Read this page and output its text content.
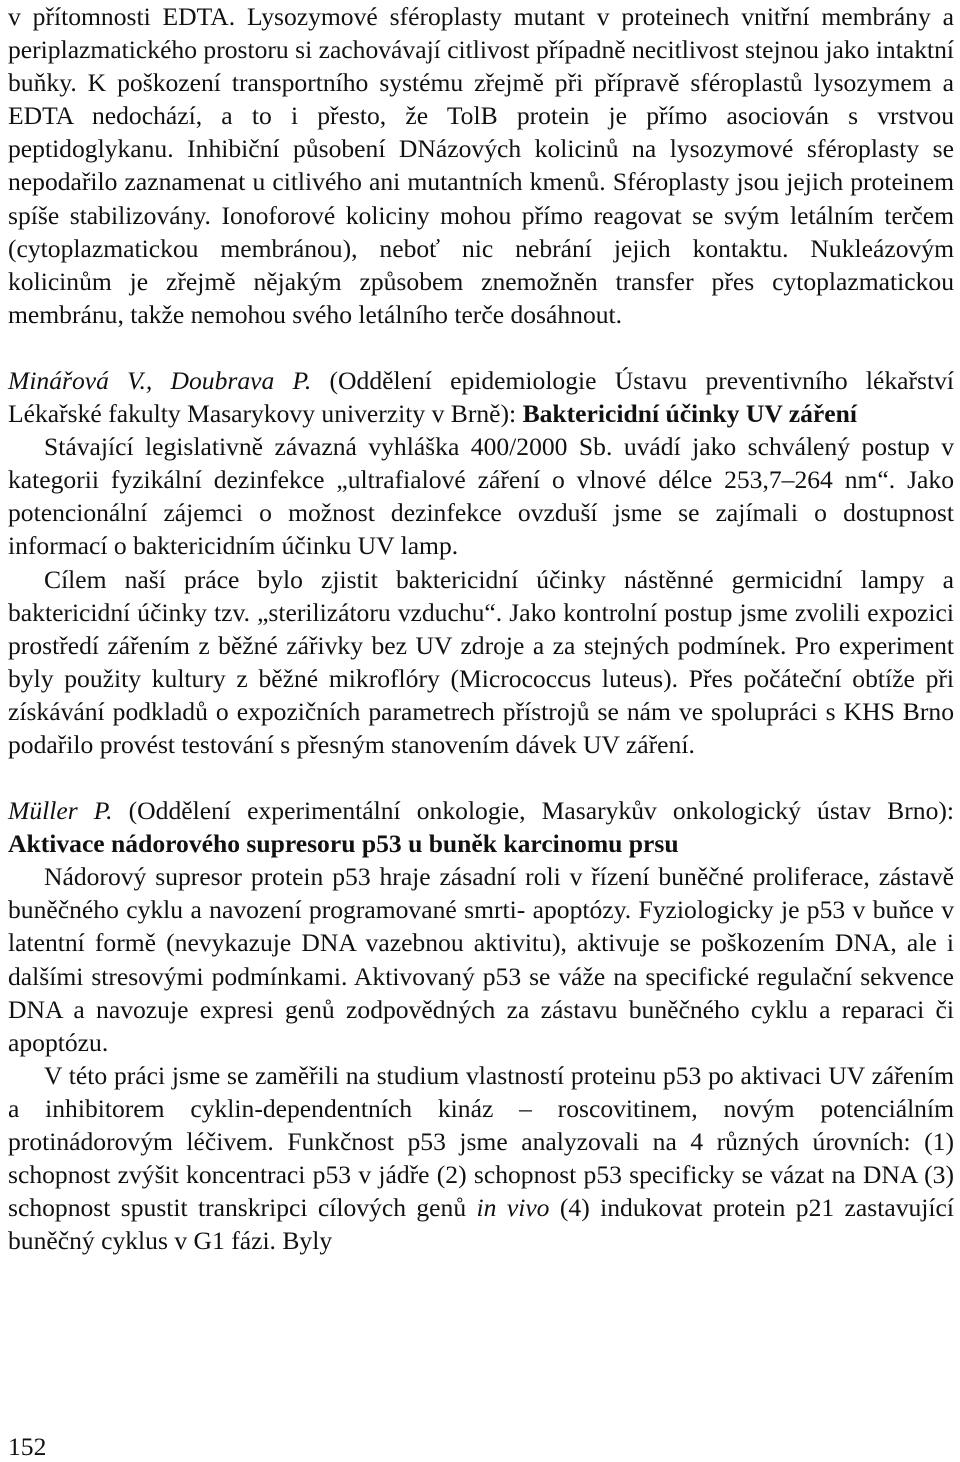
v přítomnosti EDTA. Lysozymové sféroplasty mutant v proteinech vnitřní membrány a periplazmatického prostoru si zachovávají citlivost případně necitlivost stejnou jako intaktní buňky. K poškození transportního systému zřejmě při přípravě sféroplastů lysozymem a EDTA nedochází, a to i přesto, že TolB protein je přímo asociován s vrstvou peptidoglykanu. Inhibiční působení DNázových kolicinů na lysozymové sféroplasty se nepodařilo zaznamenat u citlivého ani mutantních kmenů. Sféroplasty jsou jejich proteinem spíše stabilizovány. Ionoforové koliciny mohou přímo reagovat se svým letálním terčem (cytoplazmatickou membránou), neboť nic nebrání jejich kontaktu. Nukleázovým kolicinům je zřejmě nějakým způsobem znemožněn transfer přes cytoplazmatickou membránu, takže nemohou svého letálního terče dosáhnout.

Minářová V., Doubrava P. (Oddělení epidemiologie Ústavu preventivního lékařství Lékařské fakulty Masarykovy univerzity v Brně): Baktericidní účinky UV záření

Stávající legislativně závazná vyhláška 400/2000 Sb. uvádí jako schválený postup v kategorii fyzikální dezinfekce „ultrafialové záření o vlnové délce 253,7–264 nm“. Jako potencionální zájemci o možnost dezinfekce ovzduší jsme se zajímali o dostupnost informací o baktericidním účinku UV lamp.

Cílem naší práce bylo zjistit baktericidní účinky nástěnné germicidní lampy a baktericidní účinky tzv. „sterilizátoru vzduchu“. Jako kontrolní postup jsme zvolili expozici prostředí zářením z běžné zářivky bez UV zdroje a za stejných podmínek. Pro experiment byly použity kultury z běžné mikroflóry (Micrococcus luteus). Přes počáteční obtíže při získávání podkladů o expozičních parametrech přístrojů se nám ve spolupráci s KHS Brno podařilo provést testování s přesným stanovením dávek UV záření.

Müller P. (Oddělení experimentální onkologie, Masarykův onkologický ústav Brno): Aktivace nádorového supresoru p53 u buněk karcinomu prsu

Nádorový supresor protein p53 hraje zásadní roli v řízení buněčné proliferace, zástavě buněčného cyklu a navození programované smrti- apoptózy. Fyziologicky je p53 v buňce v latentní formě (nevykazuje DNA vazebnou aktivitu), aktivuje se poškozením DNA, ale i dalšími stresovými podmínkami. Aktivovaný p53 se váže na specifické regulační sekvence DNA a navozuje expresi genů zodpovědných za zástavu buněčného cyklu a reparaci či apoptózu.

V této práci jsme se zaměřili na studium vlastností proteinu p53 po aktivaci UV zářením a inhibitorem cyklin-dependentních kináz – roscovitinem, novým potenciálním protinádorovým léčivem. Funkčnost p53 jsme analyzovali na 4 různých úrovních: (1) schopnost zvýšit koncentraci p53 v jádře (2) schopnost p53 specificky se vázat na DNA (3) schopnost spustit transkripci cílových genů in vivo (4) indukovat protein p21 zastavující buněčný cyklus v G1 fázi. Byly

152
